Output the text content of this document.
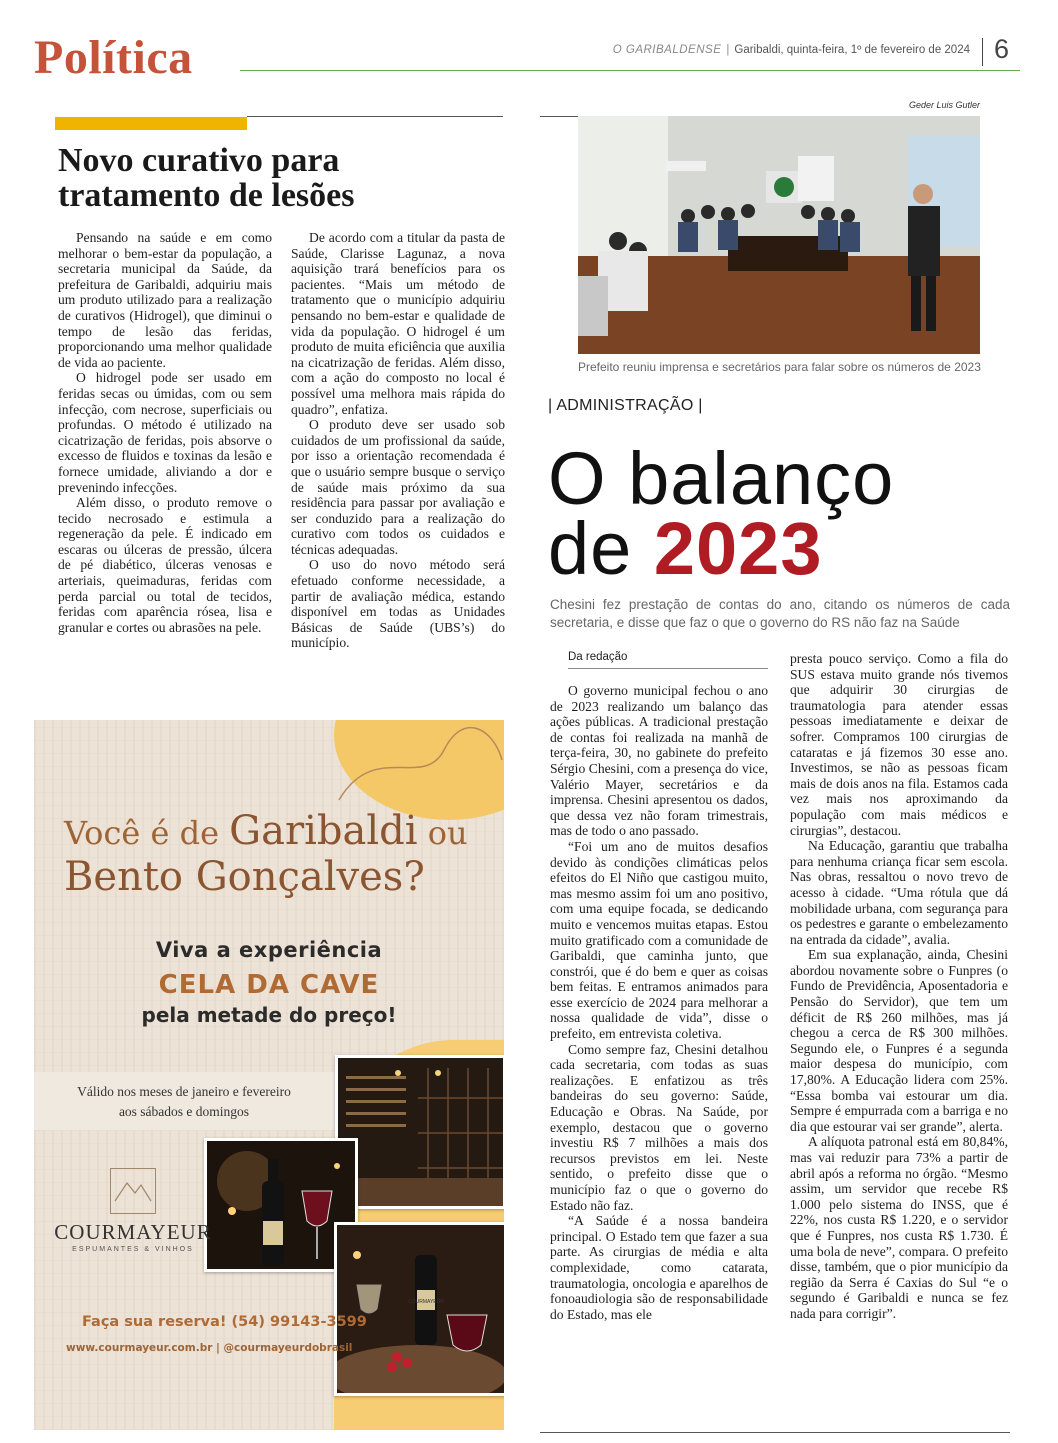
Política	O GARIBALDENSE | Garibaldi, quinta-feira, 1º de fevereiro de 2024 6
Novo curativo para tratamento de lesões

Pensando na saúde e em como melhorar o bem-estar da população, a secretaria municipal da Saúde, da prefeitura de Garibaldi, adquiriu mais um produto utilizado para a realização de curativos (Hidrogel), que diminui o tempo de lesão das feridas, proporcionando uma melhor qualidade de vida ao paciente.

O hidrogel pode ser usado em feridas secas ou úmidas, com ou sem infecção, com necrose, superficiais ou profundas. O método é utilizado na cicatrização de feridas, pois absorve o excesso de fluidos e toxinas da lesão e fornece umidade, aliviando a dor e prevenindo infecções.

Além disso, o produto remove o tecido necrosado e estimula a regeneração da pele. É indicado em escaras ou úlceras de pressão, úlcera de pé diabético, úlceras venosas e arteriais, queimaduras, feridas com perda parcial ou total de tecidos, feridas com aparência rósea, lisa e granular e cortes ou abrasões na pele.

De acordo com a titular da pasta de Saúde, Clarisse Lagunaz, a nova aquisição trará benefícios para os pacientes. “Mais um método de tratamento que o município adquiriu pensando no bem-estar e qualidade de vida da população. O hidrogel é um produto de muita eficiência que auxilia na cicatrização de feridas. Além disso, com a ação do composto no local é possível uma melhora mais rápida do quadro”, enfatiza.

O produto deve ser usado sob cuidados de um profissional da saúde, por isso a orientação recomendada é que o usuário sempre busque o serviço de saúde mais próximo da sua residência para passar por avaliação e ser conduzido para a realização do curativo com todos os cuidados e técnicas adequadas.

O uso do novo método será efetuado conforme necessidade, a partir de avaliação médica, estando disponível em todas as Unidades Básicas de Saúde (UBS’s) do município.

Você é de Garibaldi ou
Bento Gonçalves?
Viva a experiência
CELA DA CAVE
pela metade do preço!
Válido nos meses de janeiro e fevereiro
aos sábados e domingos
COURMAYEUR
COURMAYEUR
ESPUMANTES & VINHOS
Faça sua reserva! (54) 99143-3599
www.courmayeur.com.br | @courmayeurdobrasil
Geder Luis Gutler
Prefeito reuniu imprensa e secretários para falar sobre os números de 2023
| ADMINISTRAÇÃO |
O balanço
de 2023
Chesini fez prestação de contas do ano, citando os números de cada secretaria, e disse que faz o que o governo do RS não faz na Saúde
Da redação

O governo municipal fechou o ano de 2023 realizando um balanço das ações públicas. A tradicional prestação de contas foi realizada na manhã de terça-feira, 30, no gabinete do prefeito Sérgio Chesini, com a presença do vice, Valério Mayer, secretários e da imprensa. Chesini apresentou os dados, que dessa vez não foram trimestrais, mas de todo o ano passado.

“Foi um ano de muitos desafios devido às condições climáticas pelos efeitos do El Niño que castigou muito, mas mesmo assim foi um ano positivo, com uma equipe focada, se dedicando muito e vencemos muitas etapas. Estou muito gratificado com a comunidade de Garibaldi, que caminha junto, que constrói, que é do bem e quer as coisas bem feitas. E entramos animados para esse exercício de 2024 para melhorar a nossa qualidade de vida”, disse o prefeito, em entrevista coletiva.

Como sempre faz, Chesini detalhou cada secretaria, com todas as suas realizações. E enfatizou as três bandeiras do seu governo: Saúde, Educação e Obras. Na Saúde, por exemplo, destacou que o governo investiu R$ 7 milhões a mais dos recursos previstos em lei. Neste sentido, o prefeito disse que o município faz o que o governo do Estado não faz.

“A Saúde é a nossa bandeira principal. O Estado tem que fazer a sua parte. As cirurgias de média e alta complexidade, como catarata, traumatologia, oncologia e aparelhos de fonoaudiologia são de responsabilidade do Estado, mas ele

presta pouco serviço. Como a fila do SUS estava muito grande nós tivemos que adquirir 30 cirurgias de traumatologia para atender essas pessoas imediatamente e deixar de sofrer. Compramos 100 cirurgias de cataratas e já fizemos 30 esse ano. Investimos, se não as pessoas ficam mais de dois anos na fila. Estamos cada vez mais nos aproximando da população com mais médicos e cirurgias”, destacou.

Na Educação, garantiu que trabalha para nenhuma criança ficar sem escola. Nas obras, ressaltou o novo trevo de acesso à cidade. “Uma rótula que dá mobilidade urbana, com segurança para os pedestres e garante o embelezamento na entrada da cidade”, avalia.

Em sua explanação, ainda, Chesini abordou novamente sobre o Funpres (o Fundo de Previdência, Aposentadoria e Pensão do Servidor), que tem um déficit de R$ 260 milhões, mas já chegou a cerca de R$ 300 milhões. Segundo ele, o Funpres é a segunda maior despesa do município, com 17,80%. A Educação lidera com 25%. “Essa bomba vai estourar um dia. Sempre é empurrada com a barriga e no dia que estourar vai ser grande”, alerta.

A alíquota patronal está em 80,84%, mas vai reduzir para 73% a partir de abril após a reforma no órgão. “Mesmo assim, um servidor que recebe R$ 1.000 pelo sistema do INSS, que é 22%, nos custa R$ 1.220, e o servidor que é Funpres, nos custa R$ 1.730. É uma bola de neve”, compara. O prefeito disse, também, que o pior município da região da Serra é Caxias do Sul “e o segundo é Garibaldi e nunca se fez nada para corrigir”.
